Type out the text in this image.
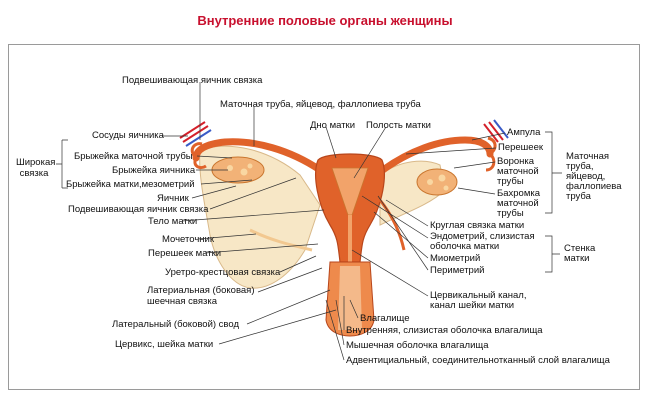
Внутренние половые органы женщины
Подвешивающая яичник связка
Маточная труба, яйцевод, фаллопиева труба
Дно матки Полость матки
Сосуды яичника
Широкая
связка
Брыжейка маточной трубы
Брыжейка яичника
Брыжейка матки,мезометрий
Яичник
Подвешивающая яичник связка
Тело матки
Мочеточник
Перешеек матки
Уретро-крестцовая связка
Латериальная (боковая)
шеечная связка
Латеральный (боковой) свод
Цервикс, шейка матки
Ампула
Перешеек
Воронка
маточной
трубы
Бахромка
маточной
трубы
Маточная
труба,
яйцевод,
фаллопиева
труба
Круглая связка матки
Эндометрий, слизистая
оболочка матки
Миометрий
Периметрий
Стенка
матки
Цервикальный канал,
канал шейки матки
Влагалище
Внутренняя, слизистая оболочка влагалища
Мышечная оболочка влагалища
Адвентициальный, соединительнотканный слой влагалища
